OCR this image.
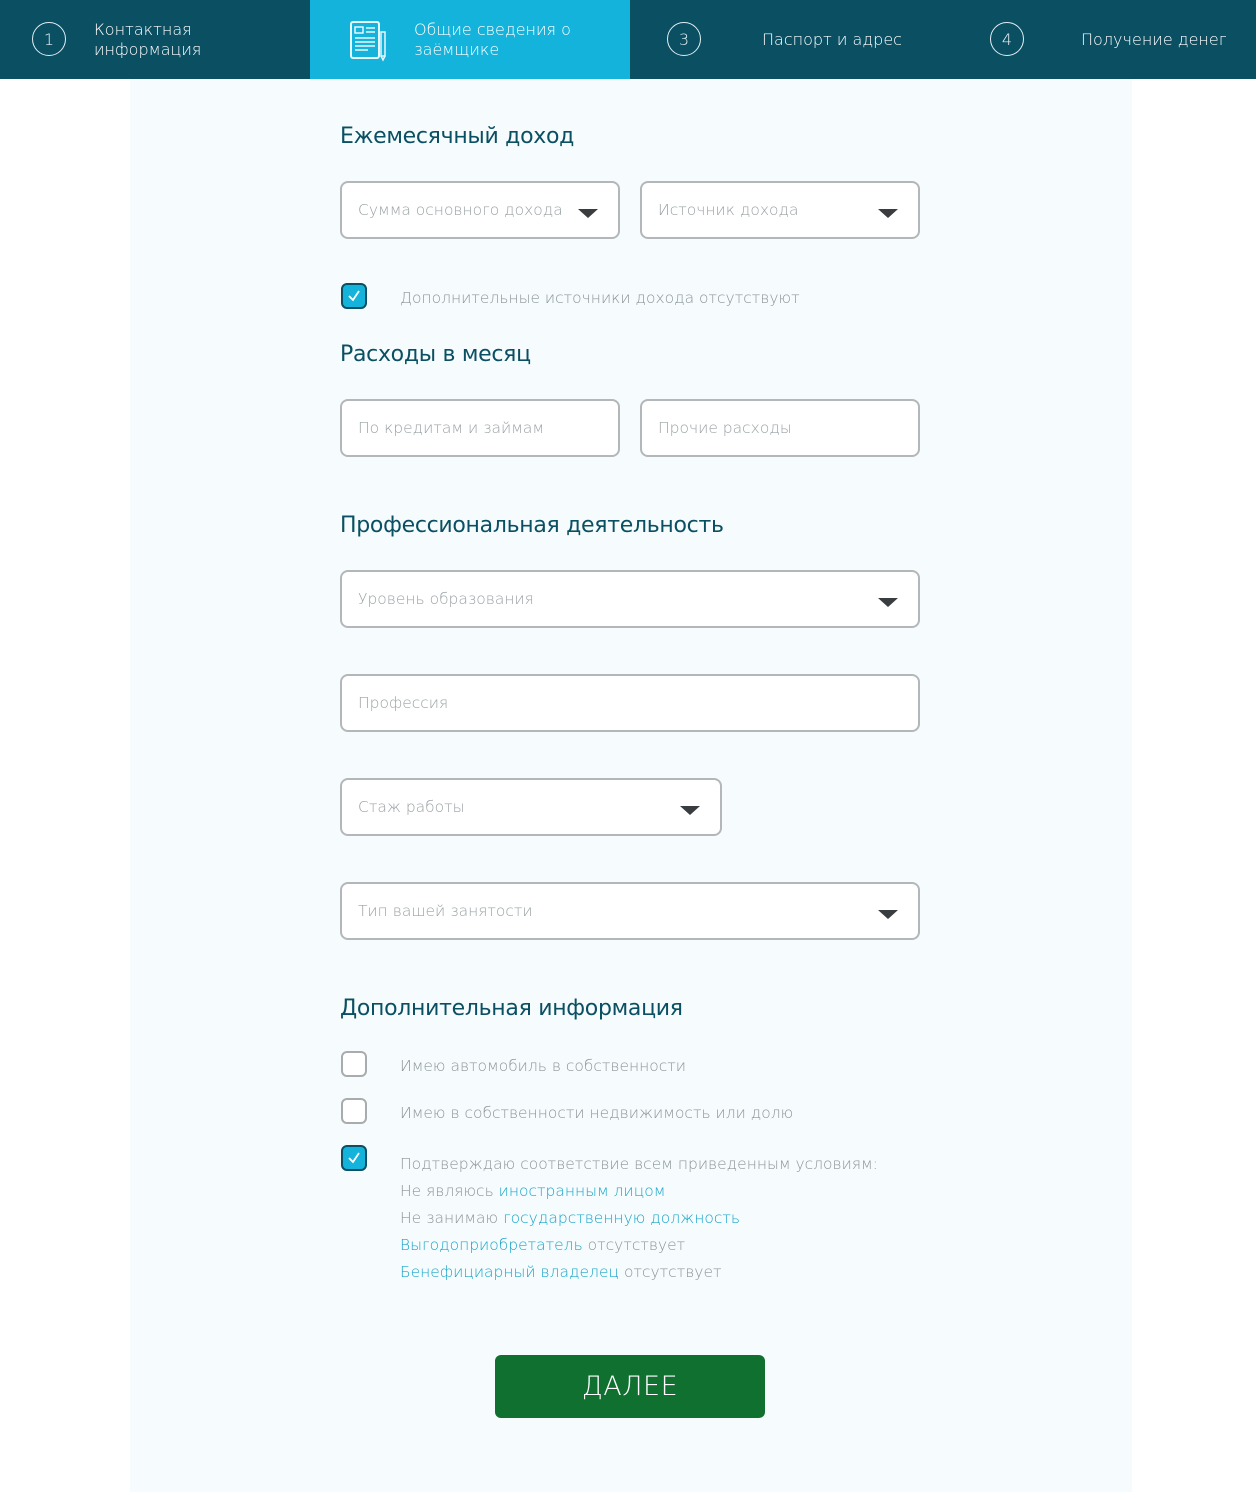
1	Контактная
информация
Общие сведения о
заёмщике
3	Паспорт и адрес	4	Получение денег
Ежемесячный доход
Сумма основного дохода	Источник дохода
Дополнительные источники дохода отсутствуют
Расходы в месяц
По кредитам и займам	Прочие расходы
Профессиональная деятельность
Уровень образования
Профессия
Стаж работы
Тип вашей занятости
Дополнительная информация
Имею автомобиль в собственности
Имею в собственности недвижимость или долю
Подтверждаю соответствие всем приведенным условиям:
Не являюсь иностранным лицом
Не занимаю государственную должность
Выгодоприобретатель отсутствует
Бенефициарный владелец отсутствует
ДАЛЕЕ
